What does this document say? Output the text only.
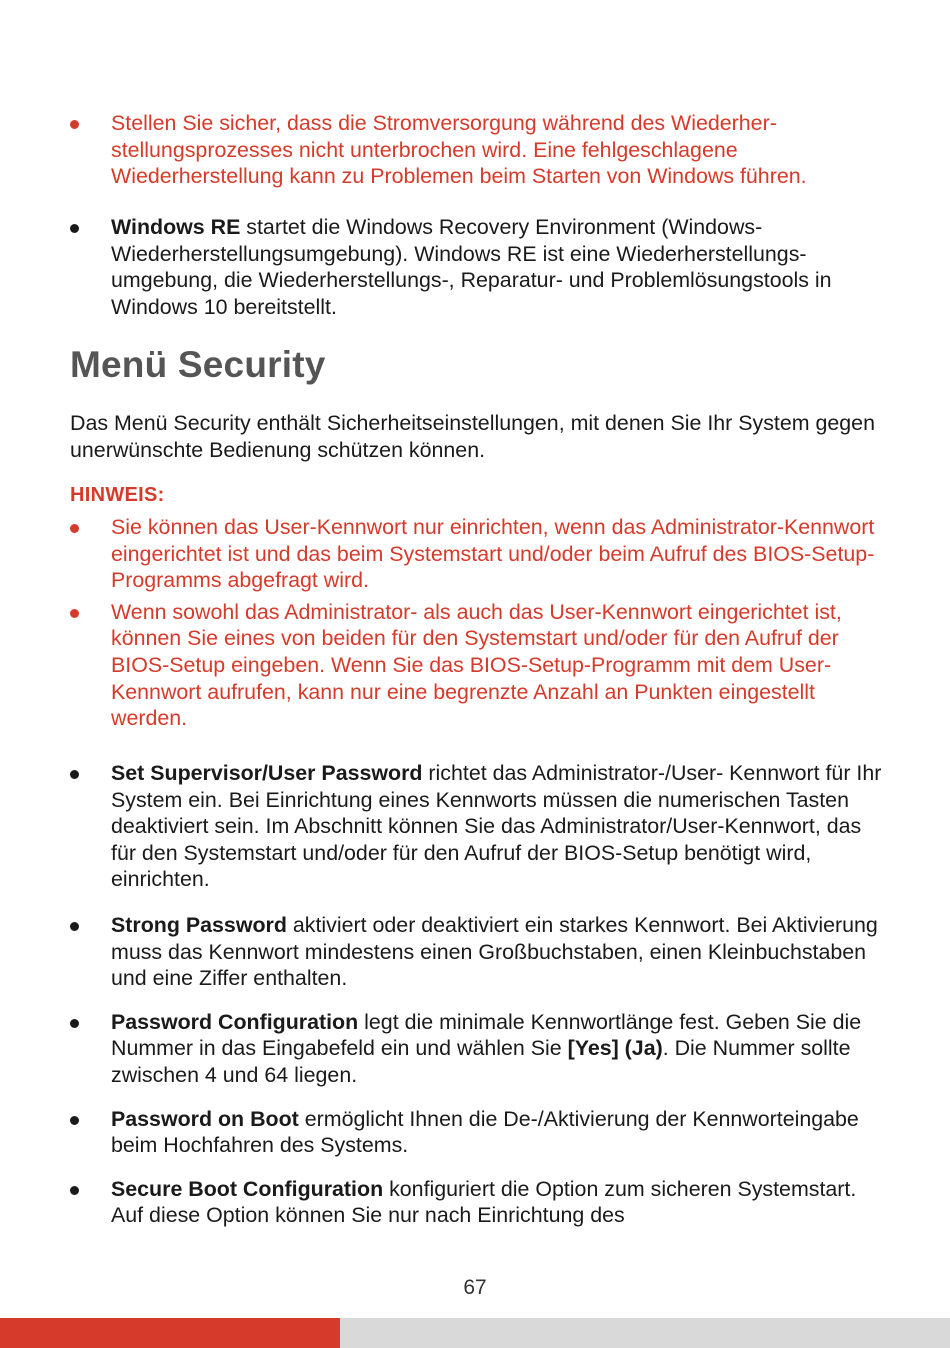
Stellen Sie sicher, dass die Stromversorgung während des Wiederherstellungsprozesses nicht unterbrochen wird. Eine fehlgeschlagene Wiederherstellung kann zu Problemen beim Starten von Windows führen.
Windows RE startet die Windows Recovery Environment (Windows-Wiederherstellungsumgebung). Windows RE ist eine Wiederherstellungsumgebung, die Wiederherstellungs-, Reparatur- und Problemlösungstools in Windows 10 bereitstellt.
Menü Security

Das Menü Security enthält Sicherheitseinstellungen, mit denen Sie Ihr System gegen unerwünschte Bedienung schützen können.

HINWEIS:
Sie können das User-Kennwort nur einrichten, wenn das Administrator-Kennwort eingerichtet ist und das beim Systemstart und/oder beim Aufruf des BIOS-Setup-Programms abgefragt wird.
Wenn sowohl das Administrator- als auch das User-Kennwort eingerichtet ist, können Sie eines von beiden für den Systemstart und/oder für den Aufruf der BIOS-Setup eingeben. Wenn Sie das BIOS-Setup-Programm mit dem User-Kennwort aufrufen, kann nur eine begrenzte Anzahl an Punkten eingestellt werden.
Set Supervisor/User Password richtet das Administrator-/User- Kennwort für Ihr System ein. Bei Einrichtung eines Kennworts müssen die numerischen Tasten deaktiviert sein. Im Abschnitt können Sie das Administrator/User-Kennwort, das für den Systemstart und/oder für den Aufruf der BIOS-Setup benötigt wird, einrichten.
Strong Password aktiviert oder deaktiviert ein starkes Kennwort. Bei Aktivierung muss das Kennwort mindestens einen Großbuchstaben, einen Kleinbuchstaben und eine Ziffer enthalten.
Password Configuration legt die minimale Kennwortlänge fest. Geben Sie die Nummer in das Eingabefeld ein und wählen Sie [Yes] (Ja). Die Nummer sollte zwischen 4 und 64 liegen.
Password on Boot ermöglicht Ihnen die De-/Aktivierung der Kennworteingabe beim Hochfahren des Systems.
Secure Boot Configuration konfiguriert die Option zum sicheren Systemstart. Auf diese Option können Sie nur nach Einrichtung des
67
